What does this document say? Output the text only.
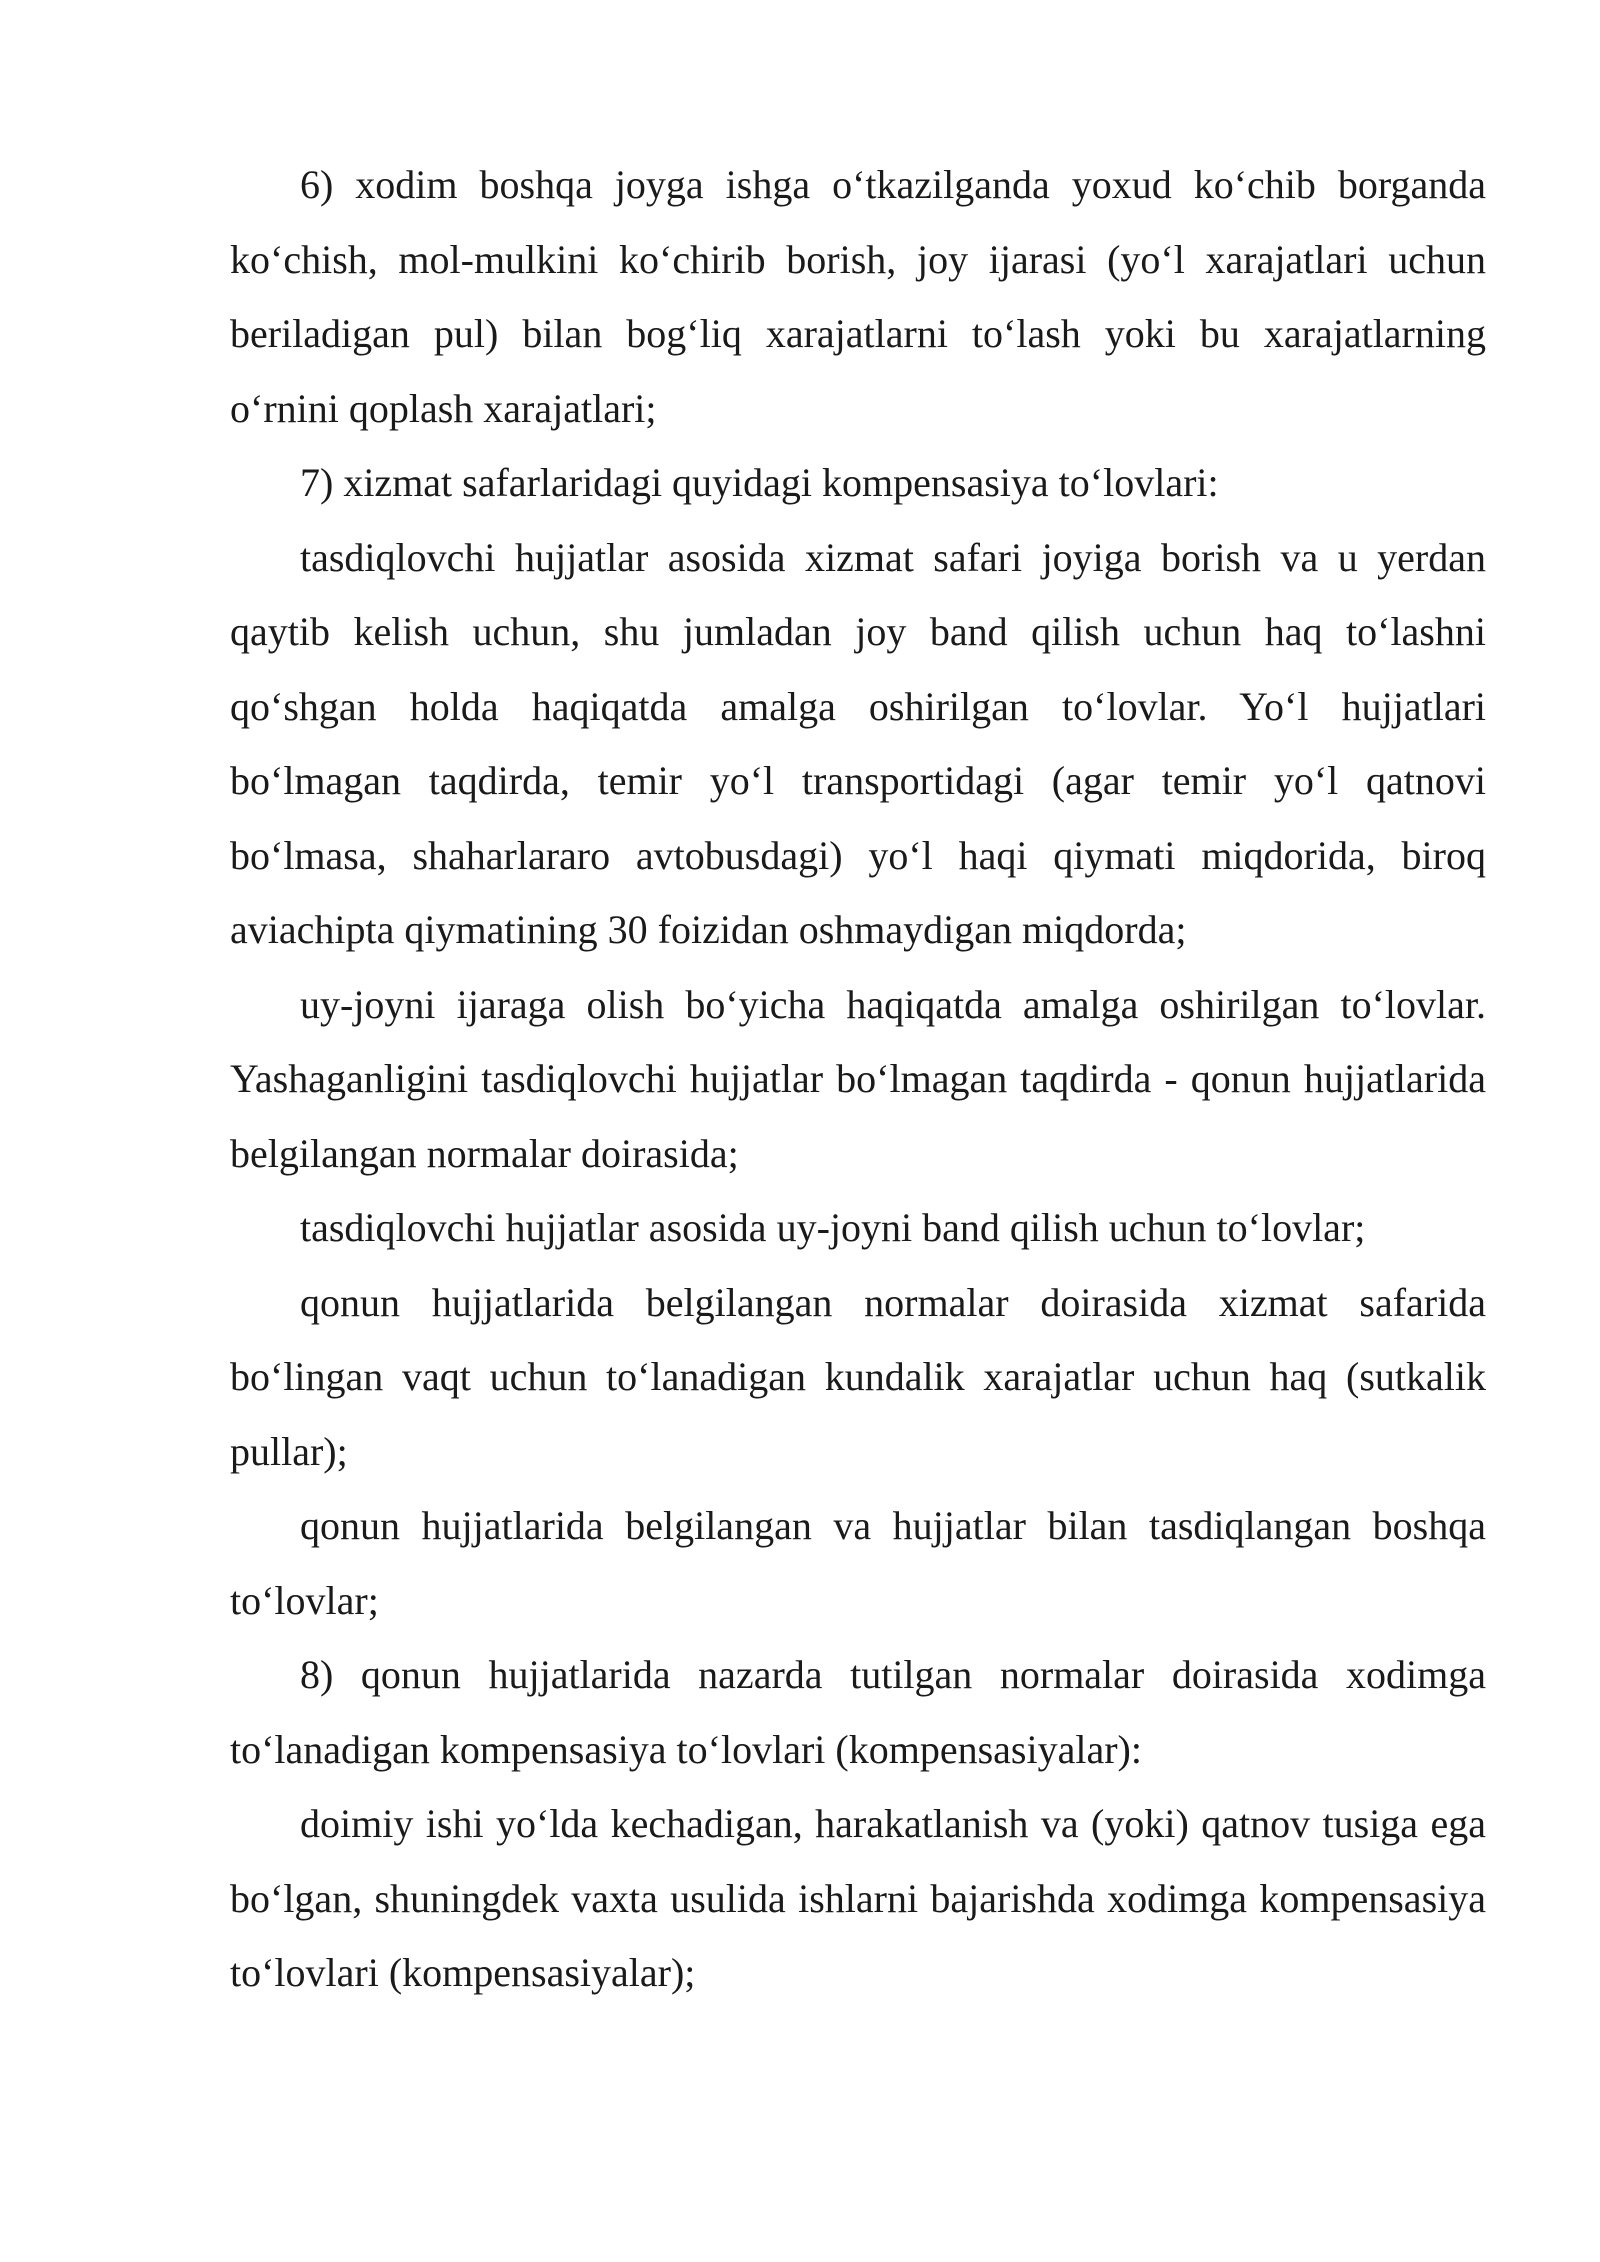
6) xodim boshqa joyga ishga o‘tkazilganda yoxud ko‘chib borganda ko‘chish, mol-mulkini ko‘chirib borish, joy ijarasi (yo‘l xarajatlari uchun beriladigan pul) bilan bog‘liq xarajatlarni to‘lash yoki bu xarajatlarning o‘rnini qoplash xarajatlari;

7) xizmat safarlaridagi quyidagi kompensasiya to‘lovlari:

tasdiqlovchi hujjatlar asosida xizmat safari joyiga borish va u yerdan qaytib kelish uchun, shu jumladan joy band qilish uchun haq to‘lashni qo‘shgan holda haqiqatda amalga oshirilgan to‘lovlar. Yo‘l hujjatlari bo‘lmagan taqdirda, temir yo‘l transportidagi (agar temir yo‘l qatnovi bo‘lmasa, shaharlararo avtobusdagi) yo‘l haqi qiymati miqdorida, biroq aviachipta qiymatining 30 foizidan oshmaydigan miqdorda;

uy-joyni ijaraga olish bo‘yicha haqiqatda amalga oshirilgan to‘lovlar. Yashaganligini tasdiqlovchi hujjatlar bo‘lmagan taqdirda - qonun hujjatlarida belgilangan normalar doirasida;

tasdiqlovchi hujjatlar asosida uy-joyni band qilish uchun to‘lovlar;

qonun hujjatlarida belgilangan normalar doirasida xizmat safarida bo‘lingan vaqt uchun to‘lanadigan kundalik xarajatlar uchun haq (sutkalik pullar);

qonun hujjatlarida belgilangan va hujjatlar bilan tasdiqlangan boshqa to‘lovlar;

8) qonun hujjatlarida nazarda tutilgan normalar doirasida xodimga to‘lanadigan kompensasiya to‘lovlari (kompensasiyalar):

doimiy ishi yo‘lda kechadigan, harakatlanish va (yoki) qatnov tusiga ega bo‘lgan, shuningdek vaxta usulida ishlarni bajarishda xodimga kompensasiya to‘lovlari (kompensasiyalar);
